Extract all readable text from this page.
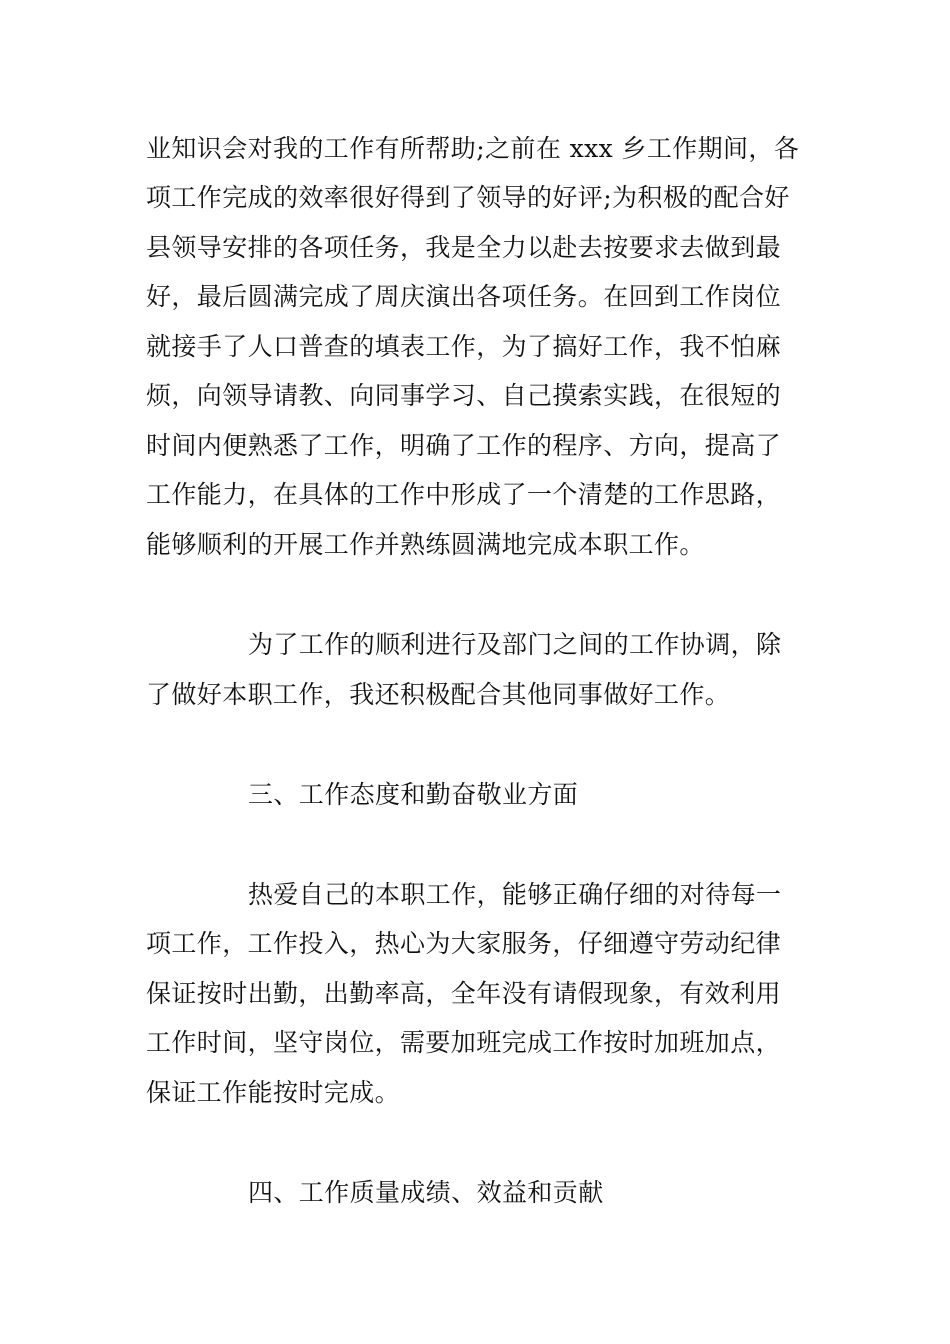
业知识会对我的工作有所帮助;之前在 xxx 乡工作期间，各
项工作完成的效率很好得到了领导的好评;为积极的配合好
县领导安排的各项任务，我是全力以赴去按要求去做到最
好，最后圆满完成了周庆演出各项任务。在回到工作岗位
就接手了人口普查的填表工作，为了搞好工作，我不怕麻
烦，向领导请教、向同事学习、自己摸索实践，在很短的
时间内便熟悉了工作，明确了工作的程序、方向，提高了
工作能力，在具体的工作中形成了一个清楚的工作思路，
能够顺利的开展工作并熟练圆满地完成本职工作。
为了工作的顺利进行及部门之间的工作协调，除
了做好本职工作，我还积极配合其他同事做好工作。
三、工作态度和勤奋敬业方面
热爱自己的本职工作，能够正确仔细的对待每一
项工作，工作投入，热心为大家服务，仔细遵守劳动纪律
保证按时出勤，出勤率高，全年没有请假现象，有效利用
工作时间，坚守岗位，需要加班完成工作按时加班加点，
保证工作能按时完成。
四、工作质量成绩、效益和贡献
